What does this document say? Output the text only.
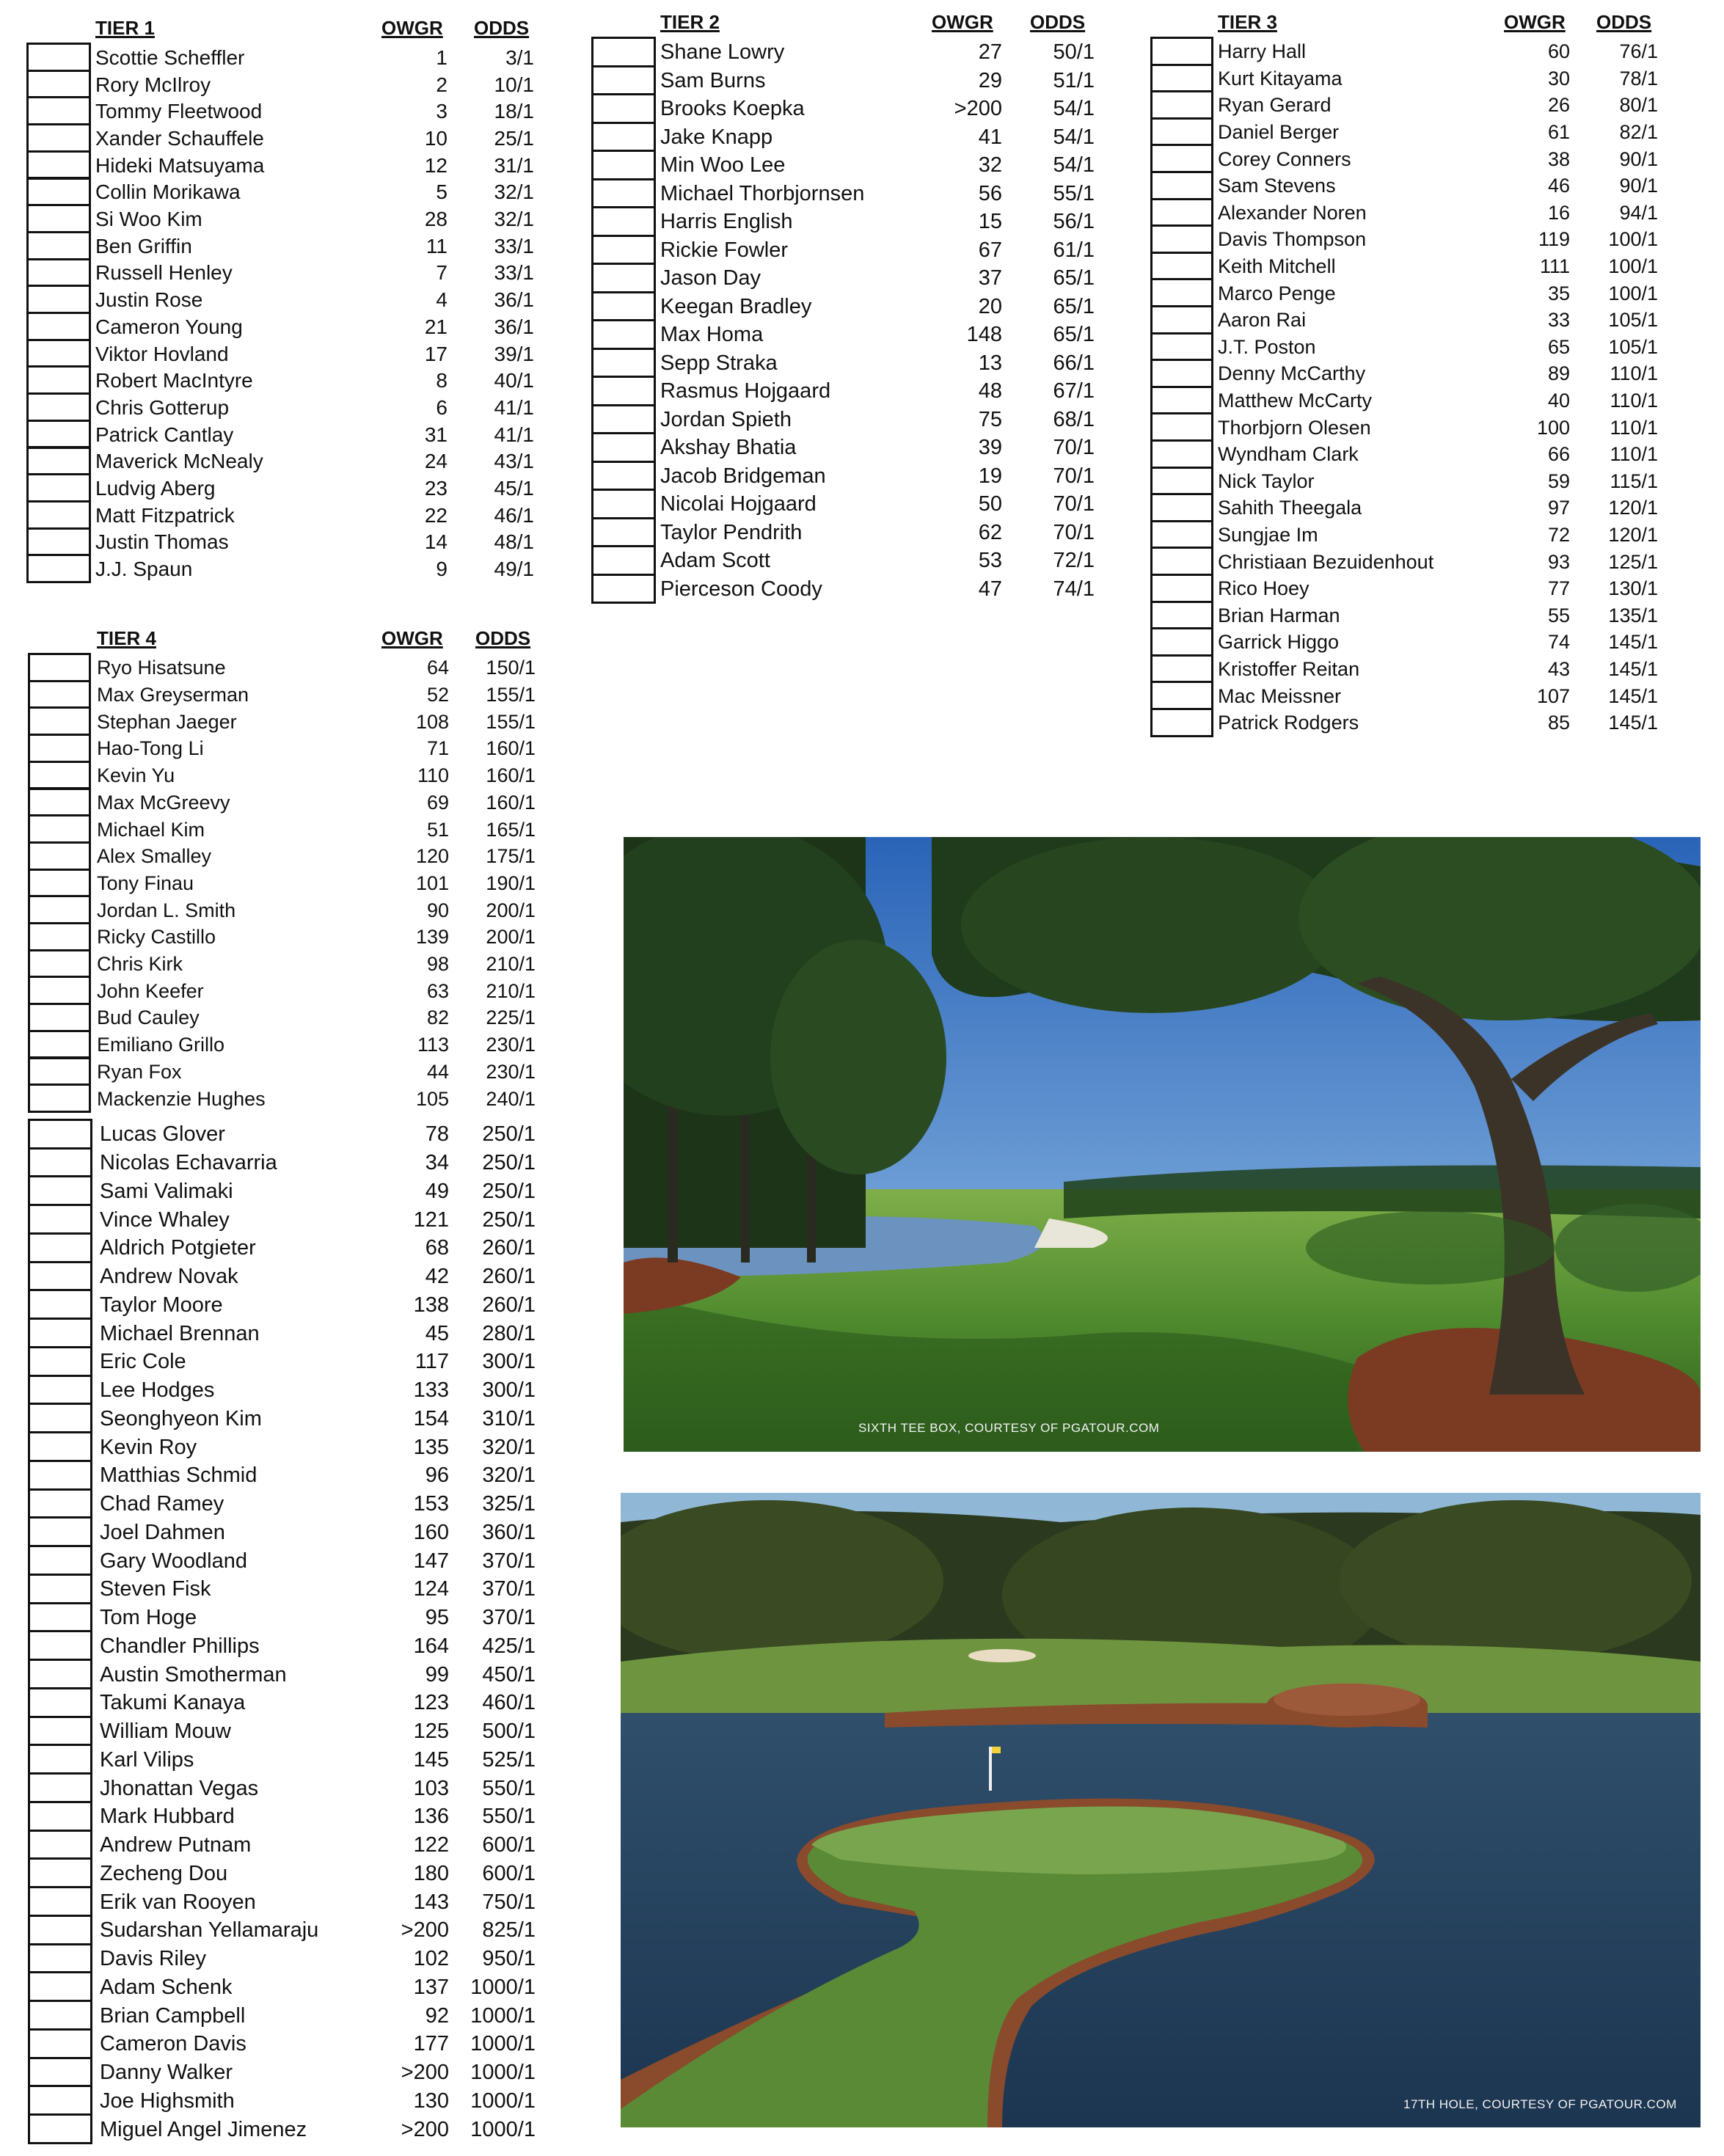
TIER 1	OWGR ODDS
Scottie Scheffler	1	3/1
Rory McIlroy	2 10/1
Tommy Fleetwood	3 18/1
Xander Schauffele	10 25/1
Hideki Matsuyama	12 31/1
Collin Morikawa	5 32/1
Si Woo Kim	28 32/1
Ben Griffin	11 33/1
Russell Henley	7 33/1
Justin Rose	4 36/1
Cameron Young	21 36/1
Viktor Hovland	17 39/1
Robert MacIntyre	8 40/1
Chris Gotterup	6 41/1
Patrick Cantlay	31 41/1
Maverick McNealy	24 43/1
Ludvig Aberg	23 45/1
Matt Fitzpatrick	22 46/1
Justin Thomas	14 48/1
J.J. Spaun	9 49/1
TIER 2	OWGR ODDS
Shane Lowry	27 50/1
Sam Burns	29 51/1
Brooks Koepka	>200 54/1
Jake Knapp	41 54/1
Min Woo Lee	32 54/1
Michael Thorbjornsen	56 55/1
Harris English	15 56/1
Rickie Fowler	67 61/1
Jason Day	37 65/1
Keegan Bradley	20 65/1
Max Homa	148 65/1
Sepp Straka	13 66/1
Rasmus Hojgaard	48 67/1
Jordan Spieth	75 68/1
Akshay Bhatia	39 70/1
Jacob Bridgeman	19 70/1
Nicolai Hojgaard	50 70/1
Taylor Pendrith	62 70/1
Adam Scott	53 72/1
Pierceson Coody	47 74/1
TIER 3	OWGR ODDS
Harry Hall	60 76/1
Kurt Kitayama	30 78/1
Ryan Gerard	26 80/1
Daniel Berger	61 82/1
Corey Conners	38 90/1
Sam Stevens	46 90/1
Alexander Noren	16 94/1
Davis Thompson	119 100/1
Keith Mitchell	111 100/1
Marco Penge	35 100/1
Aaron Rai	33 105/1
J.T. Poston	65 105/1
Denny McCarthy	89 110/1
Matthew McCarty	40 110/1
Thorbjorn Olesen	100 110/1
Wyndham Clark	66 110/1
Nick Taylor	59 115/1
Sahith Theegala	97 120/1
Sungjae Im	72 120/1
Christiaan Bezuidenhout	93 125/1
Rico Hoey	77 130/1
Brian Harman	55 135/1
Garrick Higgo	74 145/1
Kristoffer Reitan	43 145/1
Mac Meissner	107 145/1
Patrick Rodgers	85 145/1
TIER 4	OWGR ODDS
Ryo Hisatsune	64 150/1
Max Greyserman	52 155/1
Stephan Jaeger	108 155/1
Hao-Tong Li	71 160/1
Kevin Yu	110 160/1
Max McGreevy	69 160/1
Michael Kim	51 165/1
Alex Smalley	120 175/1
Tony Finau	101 190/1
Jordan L. Smith	90 200/1
Ricky Castillo	139 200/1
Chris Kirk	98 210/1
John Keefer	63 210/1
Bud Cauley	82 225/1
Emiliano Grillo	113 230/1
Ryan Fox	44 230/1
Mackenzie Hughes	105 240/1
Lucas Glover	78 250/1
Nicolas Echavarria	34 250/1
Sami Valimaki	49 250/1
Vince Whaley	121 250/1
Aldrich Potgieter	68 260/1
Andrew Novak	42 260/1
Taylor Moore	138 260/1
Michael Brennan	45 280/1
Eric Cole	117 300/1
Lee Hodges	133 300/1
Seonghyeon Kim	154 310/1
Kevin Roy	135 320/1
Matthias Schmid	96 320/1
Chad Ramey	153 325/1
Joel Dahmen	160 360/1
Gary Woodland	147 370/1
Steven Fisk	124 370/1
Tom Hoge	95 370/1
Chandler Phillips	164 425/1
Austin Smotherman	99 450/1
Takumi Kanaya	123 460/1
William Mouw	125 500/1
Karl Vilips	145 525/1
Jhonattan Vegas	103 550/1
Mark Hubbard	136 550/1
Andrew Putnam	122 600/1
Zecheng Dou	180 600/1
Erik van Rooyen	143 750/1
Sudarshan Yellamaraju	>200 825/1
Davis Riley	102 950/1
Adam Schenk	137 1000/1
Brian Campbell	92 1000/1
Cameron Davis	177 1000/1
Danny Walker	>200 1000/1
Joe Highsmith	130 1000/1
Miguel Angel Jimenez	>200 1000/1
SIXTH TEE BOX, COURTESY OF PGATOUR.COM
17TH HOLE, COURTESY OF PGATOUR.COM
